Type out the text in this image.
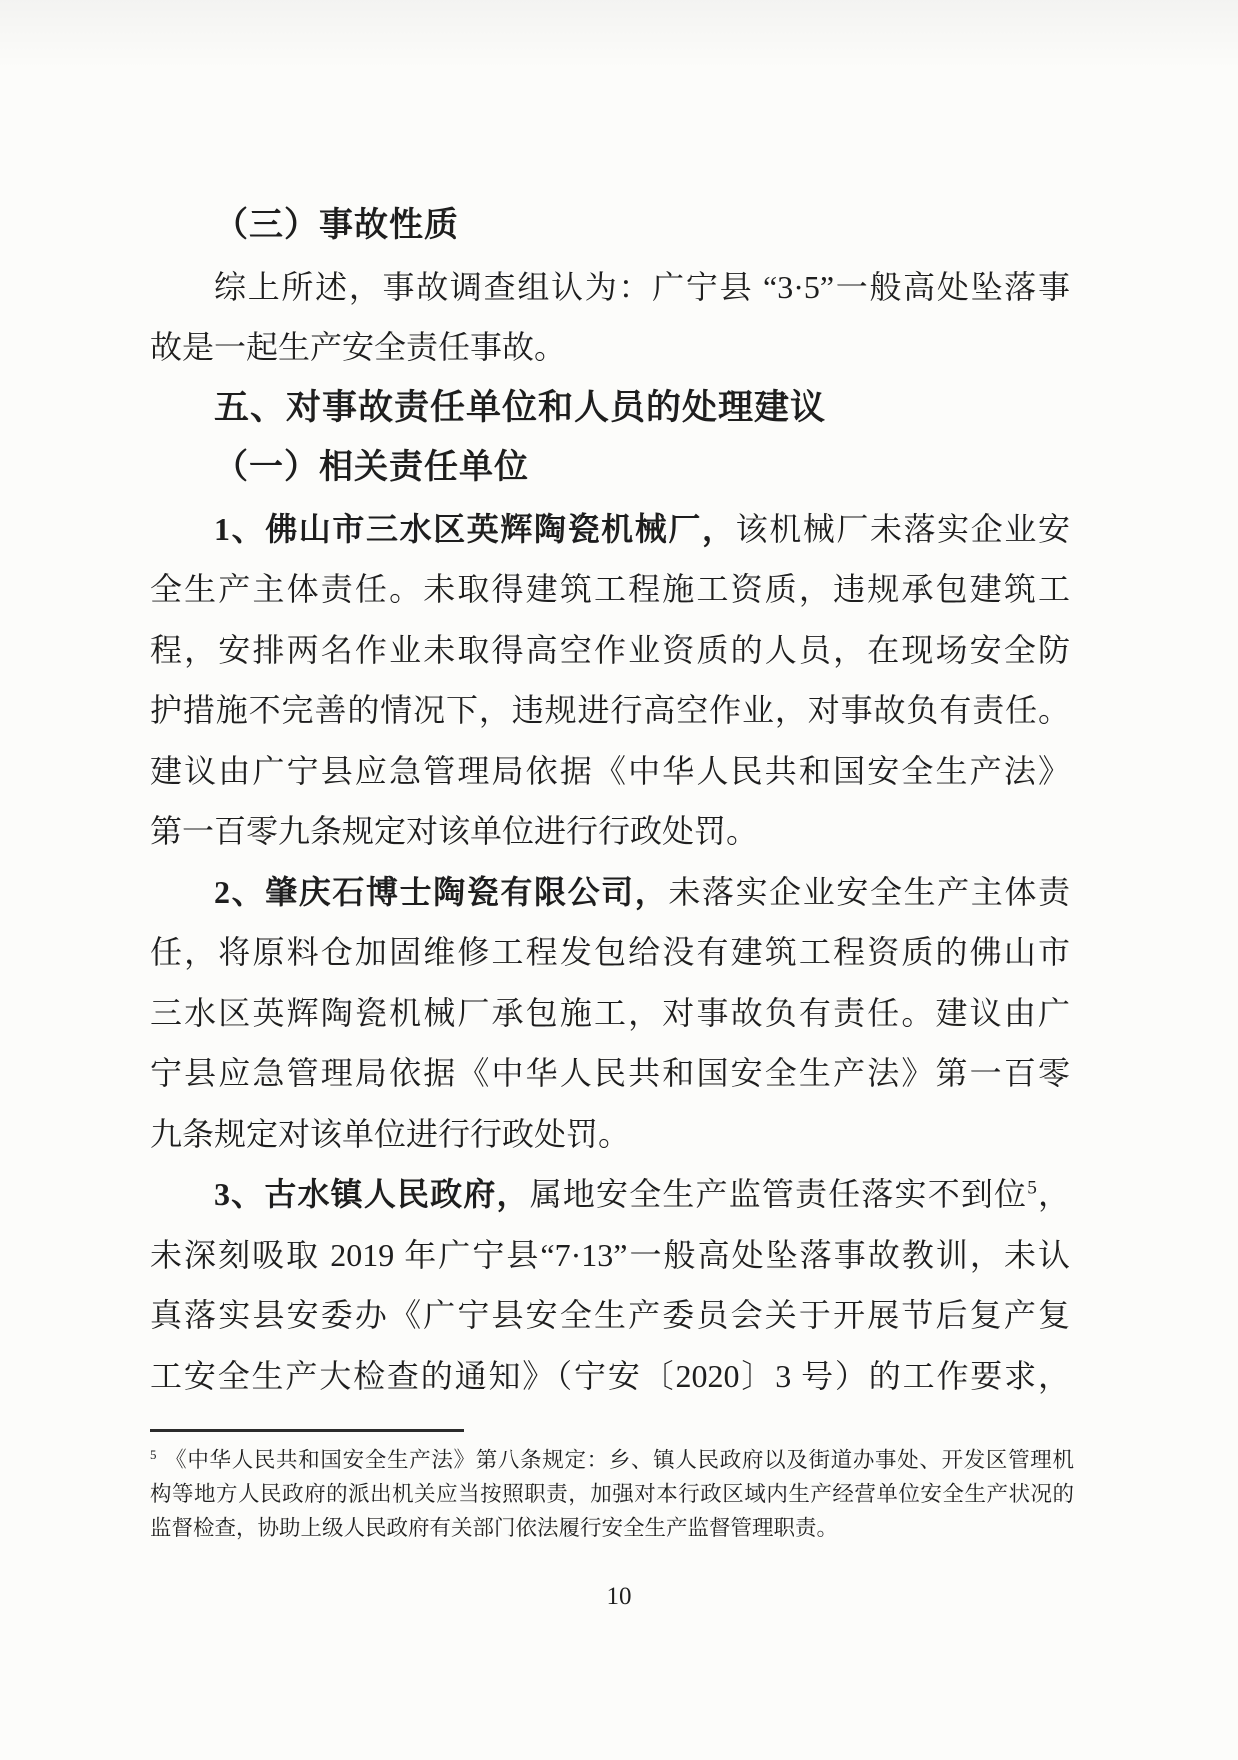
（三）事故性质
综上所述，事故调查组认为：广宁县 “3·5”一般高处坠落事
故是一起生产安全责任事故。
五、对事故责任单位和人员的处理建议
（一）相关责任单位
1、佛山市三水区英辉陶瓷机械厂，该机械厂未落实企业安
全生产主体责任。未取得建筑工程施工资质，违规承包建筑工
程，安排两名作业未取得高空作业资质的人员，在现场安全防
护措施不完善的情况下，违规进行高空作业，对事故负有责任。
建议由广宁县应急管理局依据《中华人民共和国安全生产法》
第一百零九条规定对该单位进行行政处罚。
2、肇庆石博士陶瓷有限公司，未落实企业安全生产主体责
任，将原料仓加固维修工程发包给没有建筑工程资质的佛山市
三水区英辉陶瓷机械厂承包施工，对事故负有责任。建议由广
宁县应急管理局依据《中华人民共和国安全生产法》第一百零
九条规定对该单位进行行政处罚。
3、古水镇人民政府，属地安全生产监管责任落实不到位$^5$，
未深刻吸取 2019 年广宁县“7·13”一般高处坠落事故教训，未认
真落实县安委办《广宁县安全生产委员会关于开展节后复产复
工安全生产大检查的通知》（宁安〔2020〕3 号）的工作要求，
$^5$ 《中华人民共和国安全生产法》第八条规定：乡、镇人民政府以及街道办事处、开发区管理机
构等地方人民政府的派出机关应当按照职责，加强对本行政区域内生产经营单位安全生产状况的
监督检查，协助上级人民政府有关部门依法履行安全生产监督管理职责。
10
